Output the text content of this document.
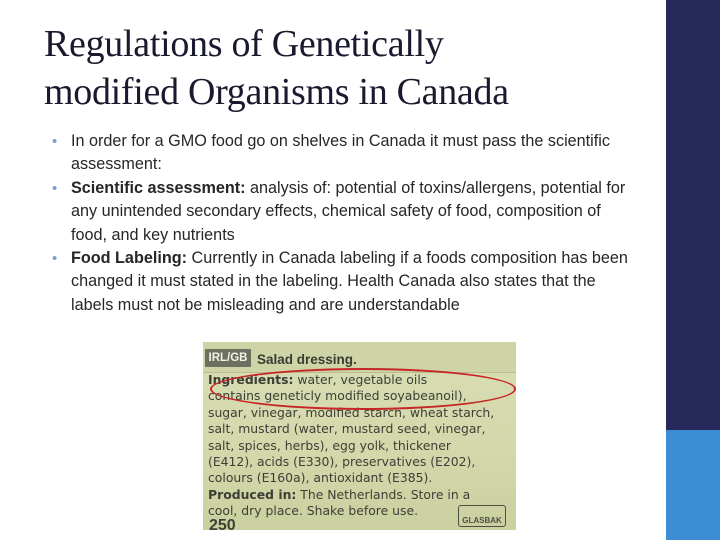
Regulations of Genetically
modified Organisms in Canada
• In order for a GMO food go on shelves in Canada it must pass the scientific assessment:
• Scientific assessment: analysis of: potential of toxins/allergens, potential for any unintended secondary effects, chemical safety of food, composition of food, and key nutrients
• Food Labeling: Currently in Canada labeling if a foods composition has been changed it must stated in the labeling. Health Canada also states that the labels must not be misleading and are understandable
IRL/GB Salad dressing.
Ingredients: water, vegetable oils
contains geneticly modified soyabeanoil),
sugar, vinegar, modified starch, wheat starch,
salt, mustard (water, mustard seed, vinegar,
salt, spices, herbs), egg yolk, thickener
(E412), acids (E330), preservatives (E202),
colours (E160a), antioxidant (E385).
Produced in: The Netherlands. Store in a
cool, dry place. Shake before use.
GLASBAK
250
